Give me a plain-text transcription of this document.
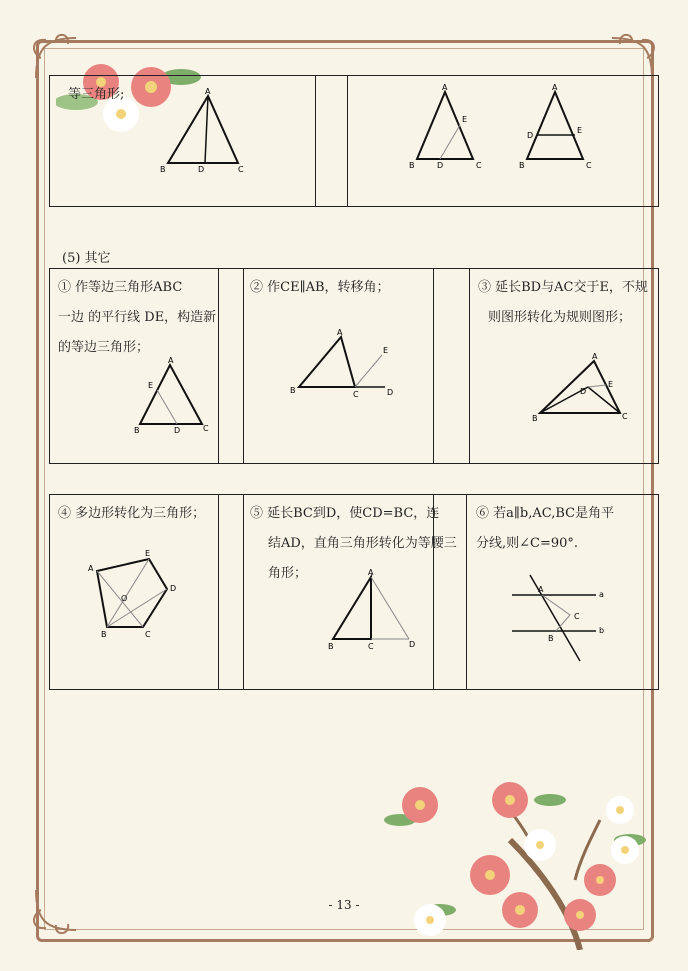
等三角形;	A
B	D	C
A
E
B	D	C
A
D
E
B	C
(5) 其它
① 作等边三角形ABC
一边 的平行线 DE，构造新
的等边三角形；
A
E
B	D	C
② 作CE∥AB，转移角；
A
B	C
E
D
③ 延长BD与AC交于E，不规
则图形转化为规则图形；
A
E
D
B	C
④ 多边形转化为三角形；
A
E
D
O
B	C
⑤ 延长BC到D，使CD=BC，连
结AD，直角三角形转化为等腰三
角形；	A
B	C	D
⑥ 若a∥b,AC,BC是角平
分线,则∠C=90°.
A
C
B
a
b
- 13 -
